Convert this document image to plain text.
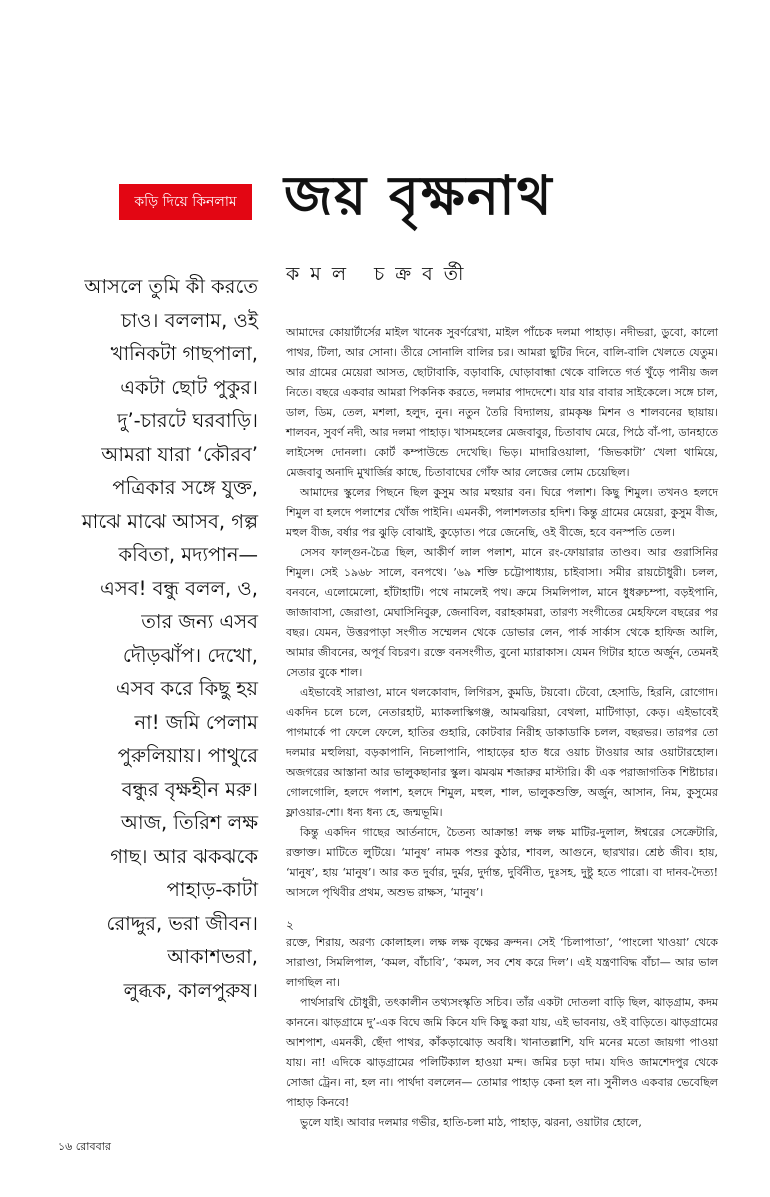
কড়ি দিয়ে কিনলাম জয় বৃক্ষনাথ
কমল চক্রবর্তী
আসলে তুমি কী করতে
চাও। বললাম, ওই
খানিকটা গাছপালা,
একটা ছোট পুকুর।
দু’-চারটে ঘরবাড়ি।
আমরা যারা ‘কৌরব’
পত্রিকার সঙ্গে যুক্ত,
মাঝে মাঝে আসব, গল্প
কবিতা, মদ্যপান—
এসব! বন্ধু বলল, ও,
তার জন্য এসব
দৌড়ঝাঁপ। দেখো,
এসব করে কিছু হয়
না! জমি পেলাম
পুরুলিয়ায়। পাথুরে
বন্ধুর বৃক্ষহীন মরু।
আজ, তিরিশ লক্ষ
গাছ। আর ঝকঝকে
পাহাড়-কাটা
রোদ্দুর, ভরা জীবন।
আকাশভরা,
লুব্ধক, কালপুরুষ।

আমাদের কোয়ার্টার্সের মাইল খানেক সুবর্ণরেখা, মাইল পাঁচেক দলমা পাহাড়। নদীভরা, ডুবো, কালো পাথর, টিলা, আর সোনা। তীরে সোনালি বালির চর। আমরা ছুটির দিনে, বালি-বালি খেলতে যেতুম। আর গ্রামের মেয়েরা আসত, ছোটাবাকি, বড়াবাকি, ঘোড়াবান্ধা থেকে বালিতে গর্ত খুঁড়ে পানীয় জল নিতে। বছরে একবার আমরা পিকনিক করতে, দলমার পাদদেশে। যার যার বাবার সাইকেলে। সঙ্গে চাল, ডাল, ডিম, তেল, মশলা, হলুদ, নুন। নতুন তৈরি বিদ্যালয়, রামকৃষ্ণ মিশন ও শালবনের ছায়ায়। শালবন, সুবর্ণ নদী, আর দলমা পাহাড়। খাসমহলের মেজবাবুর, চিতাবাঘ মেরে, পিঠে বাঁ-পা, ডানহাতে লাইসেন্স দোনলা। কোর্ট কম্পাউন্ডে দেখেছি। ভিড়। মাদারিওয়ালা, ‘জিভকাটা’ খেলা থামিয়ে, মেজবাবু অনাদি মুখার্জির কাছে, চিতাবাঘের গোঁফ আর লেজের লোম চেয়েছিল।

আমাদের স্কুলের পিছনে ছিল কুসুম আর মহুয়ার বন। ঘিরে পলাশ। কিছু শিমুল। তখনও হলদে শিমুল বা হলদে পলাশের খোঁজ পাইনি। এমনকী, পলাশলতার হদিশ। কিন্তু গ্রামের মেয়েরা, কুসুম বীজ, মহুল বীজ, বর্ষার পর ঝুড়ি বোঝাই, কুড়োত। পরে জেনেছি, ওই বীজে, হবে বনস্পতি তেল।

সেসব ফাল্গুন-চৈত্র ছিল, আকীর্ণ লাল পলাশ, মানে রং-ফোয়ারার তাণ্ডব। আর গুরাসিনির শিমুল। সেই ১৯৬৮ সালে, বনপথে। ’৬৯ শক্তি চট্টোপাধ্যায়, চাইবাসা। সমীর রায়চৌধুরী। চলল, বনবনে, এলোমেলো, হাঁটাহাটি। পথে নামলেই পথ। ক্রমে সিমলিপাল, মানে ধুধরুচম্পা, বড়ইপানি, জাজাবাসা, জেরাণ্ডা, মেঘাসিনিবুরু, জেনাবিল, বরাহকামরা, তারণ্য সংগীতের মেহফিলে বছরের পর বছর। যেমন, উত্তরপাড়া সংগীত সম্মেলন থেকে ডোভার লেন, পার্ক সার্কাস থেকে হাফিজ আলি, আমার জীবনের, অপূর্ব বিচরণ। রক্তে বনসংগীত, বুনো ম্যারাকাস। যেমন গিটার হাতে অর্জুন, তেমনই সেতার বুকে শাল।

এইভাবেই সারাণ্ডা, মানে থলকোবাদ, লিগিরস, কুমডি, টয়বো। টেবো, হেসাডি, হিরনি, রোগোদ। একদিন চলে চলে, নেতারহাট, ম্যাকলাস্কিগঞ্জ, আমঝরিয়া, বেথলা, মাটিগাড়া, কেড়। এইভাবেই পাগমার্কে পা ফেলে ফেলে, হাতির গুহারি, কোটবার নিরীহ ডাকাডাকি চলল, বছরভর। তারপর তো দলমার মহুলিয়া, বড়কাপানি, নিচলাপানি, পাহাড়ের হাত ধরে ওয়াচ টাওয়ার আর ওয়াটারহোল। অজগরের আস্তানা আর ভালুকছানার স্কুল। ঝমঝম শজারুর মাস্টারি। কী এক পরাজাগতিক শিষ্টাচার। গোলগোলি, হলদে পলাশ, হলদে শিমুল, মহুল, শাল, ভালুকশুক্তি, অর্জুন, আসান, নিম, কুসুমের ফ্লাওয়ার-শো। ধন্য ধন্য হে, জন্মভূমি।

কিন্তু একদিন গাছের আর্তনাদে, চৈতন্য আক্রান্ত! লক্ষ লক্ষ মাটির-দুলাল, ঈশ্বরের সেক্রেটারি, রক্তাক্ত। মাটিতে লুটিয়ে। ‘মানুষ’ নামক পশুর কুঠার, শাবল, আগুনে, ছারখার। শ্রেষ্ঠ জীব। হায়, ‘মানুষ’, হায় ‘মানুষ’। আর কত দুর্বার, দুর্মর, দুর্দান্ত, দুর্বিনীত, দুঃসহ, দুষ্টু হতে পারো। বা দানব-দৈত্য! আসলে পৃথিবীর প্রথম, অশুভ রাক্ষস, ‘মানুষ’।

২

রক্তে, শিরায়, অরণ্য কোলাহল। লক্ষ লক্ষ বৃক্ষের ক্রন্দন। সেই ‘চিলাপাতা’, ‘পাংলো খাওয়া’ থেকে সারাণ্ডা, সিমলিপাল, ‘কমল, বাঁচাবি’, ‘কমল, সব শেষ করে দিল’। এই যন্ত্রণাবিদ্ধ বাঁচা— আর ভাল লাগছিল না।

পার্থসারথি চৌধুরী, তৎকালীন তথ্যসংস্কৃতি সচিব। তাঁর একটা দোতলা বাড়ি ছিল, ঝাড়গ্রাম, কদম কাননে। ঝাড়গ্রামে দু’-এক বিঘে জমি কিনে যদি কিছু করা যায়, এই ভাবনায়, ওই বাড়িতে। ঝাড়গ্রামের আশপাশ, এমনকী, ছেঁদা পাথর, কাঁকড়াঝোড় অবধি। খানাতল্লাশি, যদি মনের মতো জায়গা পাওয়া যায়। না! এদিকে ঝাড়গ্রামের পলিটিক্যাল হাওয়া মন্দ। জমির চড়া দাম। যদিও জামশেদপুর থেকে সোজা ট্রেন। না, হল না। পার্থদা বললেন— তোমার পাহাড় কেনা হল না। সুনীলও একবার ভেবেছিল পাহাড় কিনবে!

ভুলে যাই। আবার দলমার গভীর, হাতি-চলা মাঠ, পাহাড়, ঝরনা, ওয়াটার হোলে,

১৬ রোববার
